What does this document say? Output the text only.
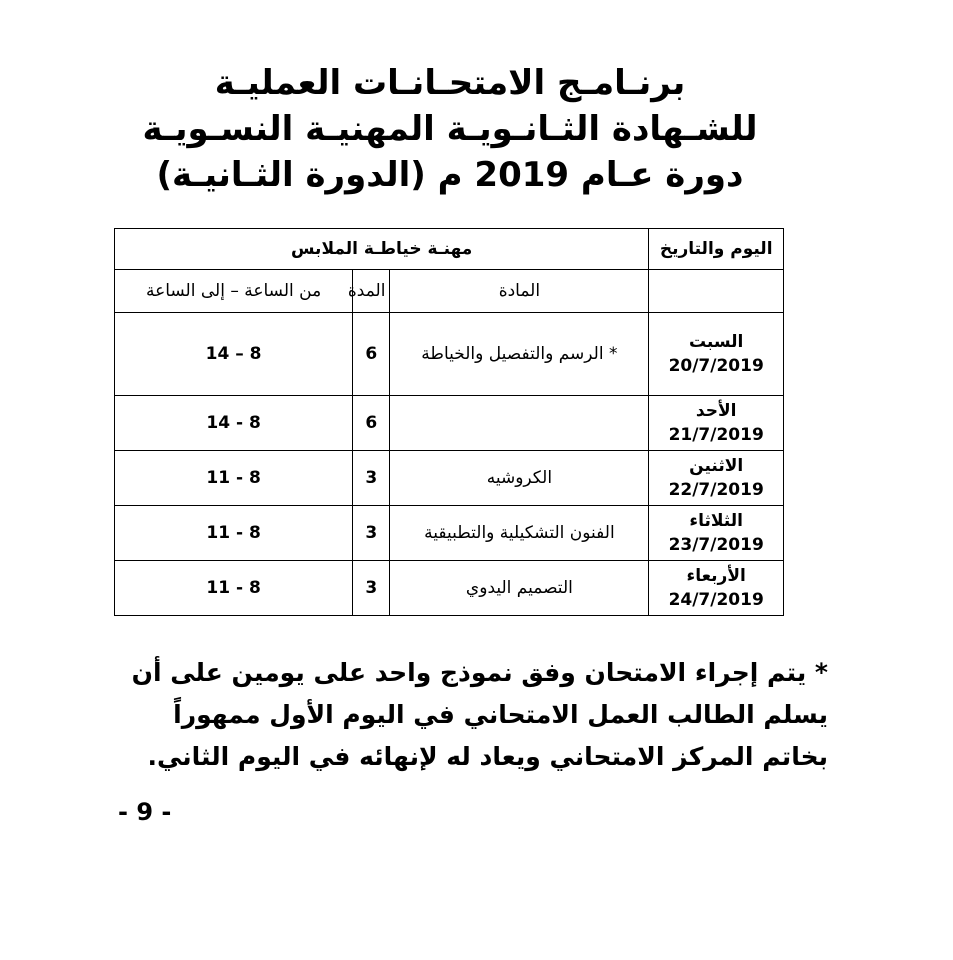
برنـامـج الامتحـانـات العمليـة
للشـهادة الثـانـويـة المهنيـة النسـويـة
دورة عـام 2019 م (الدورة الثـانيـة)
مهنـة خياطـة الملابس			اليوم والتاريخ
من الساعة – إلى الساعة	المدة	المادة	
14 – 8	6	* الرسم والتفصيل والخياطة	السبت
20/7/2019

14 - 8	6		الأحد
21/7/2019

11 - 8	3	الكروشيه	الاثنين
22/7/2019

11 - 8	3	الفنون التشكيلية والتطبيقية	الثلاثاء
23/7/2019

11 - 8	3	التصميم اليدوي	الأربعاء
24/7/2019
* يتم إجراء الامتحان وفق نموذج واحد على يومين على أن يسلم الطالب العمل الامتحاني في اليوم الأول ممهوراً بخاتم المركز الامتحاني ويعاد له لإنهائه في اليوم الثاني.
- 9 -
